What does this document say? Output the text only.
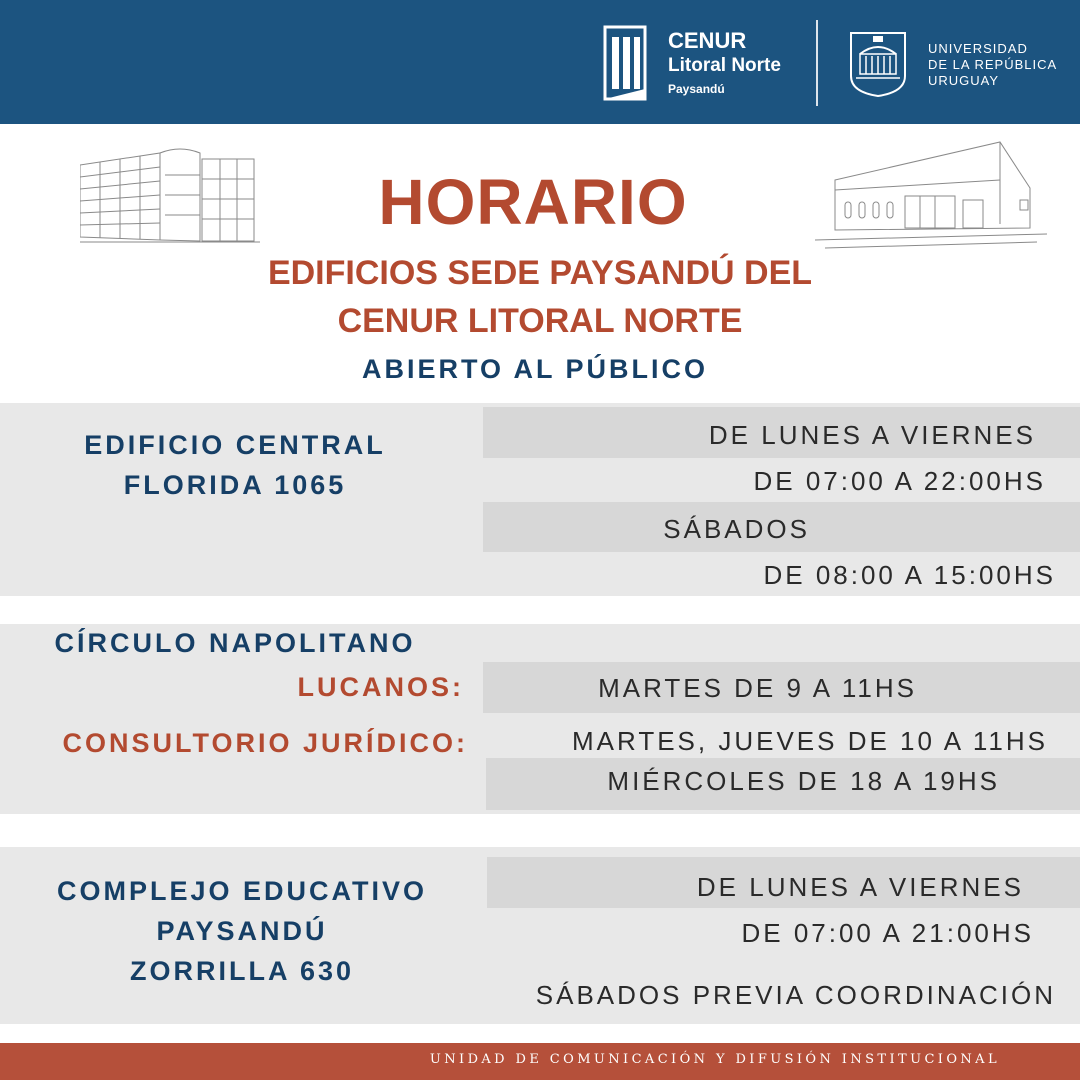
CENUR
Litoral Norte
Paysandú
UNIVERSIDAD
DE LA REPÚBLICA
URUGUAY
HORARIO
EDIFICIOS SEDE PAYSANDÚ DEL
CENUR LITORAL NORTE
ABIERTO AL PÚBLICO
EDIFICIO CENTRAL
FLORIDA 1065
DE LUNES A VIERNES
DE 07:00 A 22:00HS
SÁBADOS
DE 08:00 A 15:00HS
CÍRCULO NAPOLITANO
LUCANOS:
CONSULTORIO JURÍDICO:
MARTES DE 9 A 11HS
MARTES, JUEVES DE 10 A 11HS
MIÉRCOLES DE 18 A 19HS
COMPLEJO EDUCATIVO
PAYSANDÚ
ZORRILLA 630
DE LUNES A VIERNES
DE 07:00 A 21:00HS
SÁBADOS PREVIA COORDINACIÓN
UNIDAD DE COMUNICACIÓN Y DIFUSIÓN INSTITUCIONAL
